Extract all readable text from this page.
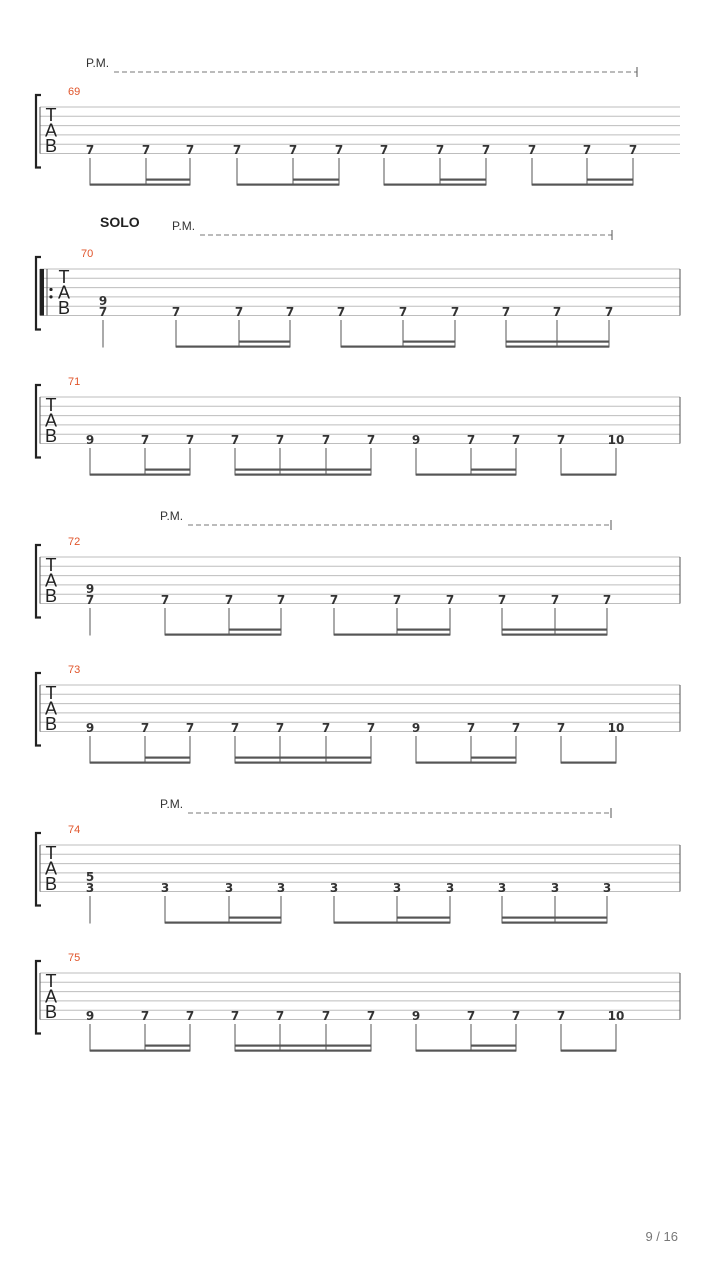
T
A
B
69
P.M.
7	7	7	7	7	7	7	7	7	7	7	7
T
A
B
70
SOLO	P.M.
9
7	7	7	7	7	7	7	7	7	7
T
A
B
71
9	7	7	7	7	7	7	9	7	7	7	10
T
A
B
72
P.M.
9
7	7	7	7	7	7	7	7	7	7
T
A
B
73
9	7	7	7	7	7	7	9	7	7	7	10
T
A
B
74
P.M.
5
3	3	3	3	3	3	3	3	3	3
T
A
B
75
9	7	7	7	7	7	7	9	7	7	7	10
9 / 16
